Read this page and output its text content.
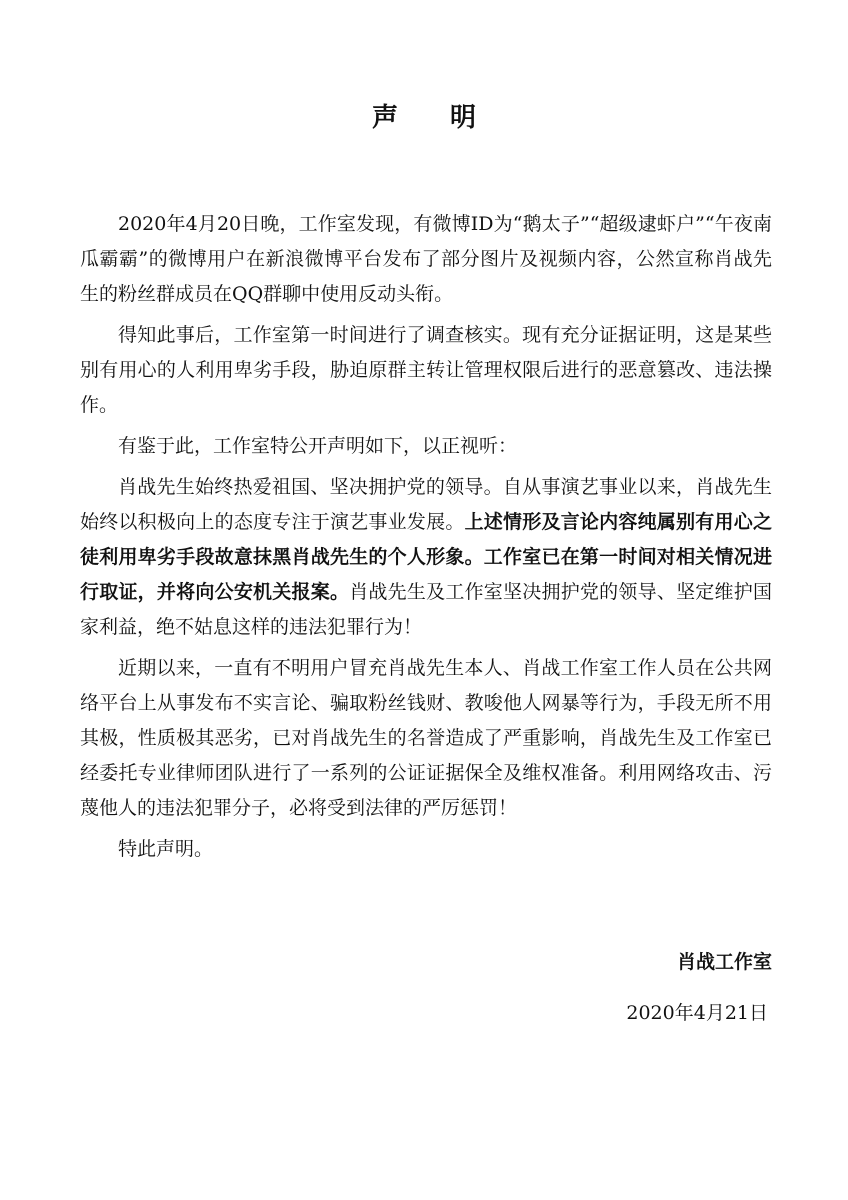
声明

2020年4月20日晚，工作室发现，有微博ID为“鹅太子”“超级逮虾户”“午夜南瓜霸霸”的微博用户在新浪微博平台发布了部分图片及视频内容，公然宣称肖战先生的粉丝群成员在QQ群聊中使用反动头衔。

得知此事后，工作室第一时间进行了调查核实。现有充分证据证明，这是某些别有用心的人利用卑劣手段，胁迫原群主转让管理权限后进行的恶意篡改、违法操作。

有鉴于此，工作室特公开声明如下，以正视听：

肖战先生始终热爱祖国、坚决拥护党的领导。自从事演艺事业以来，肖战先生始终以积极向上的态度专注于演艺事业发展。上述情形及言论内容纯属别有用心之徒利用卑劣手段故意抹黑肖战先生的个人形象。工作室已在第一时间对相关情况进行取证，并将向公安机关报案。肖战先生及工作室坚决拥护党的领导、坚定维护国家利益，绝不姑息这样的违法犯罪行为！

近期以来，一直有不明用户冒充肖战先生本人、肖战工作室工作人员在公共网络平台上从事发布不实言论、骗取粉丝钱财、教唆他人网暴等行为，手段无所不用其极，性质极其恶劣，已对肖战先生的名誉造成了严重影响，肖战先生及工作室已经委托专业律师团队进行了一系列的公证证据保全及维权准备。利用网络攻击、污蔑他人的违法犯罪分子，必将受到法律的严厉惩罚！

特此声明。

肖战工作室
2020年4月21日
